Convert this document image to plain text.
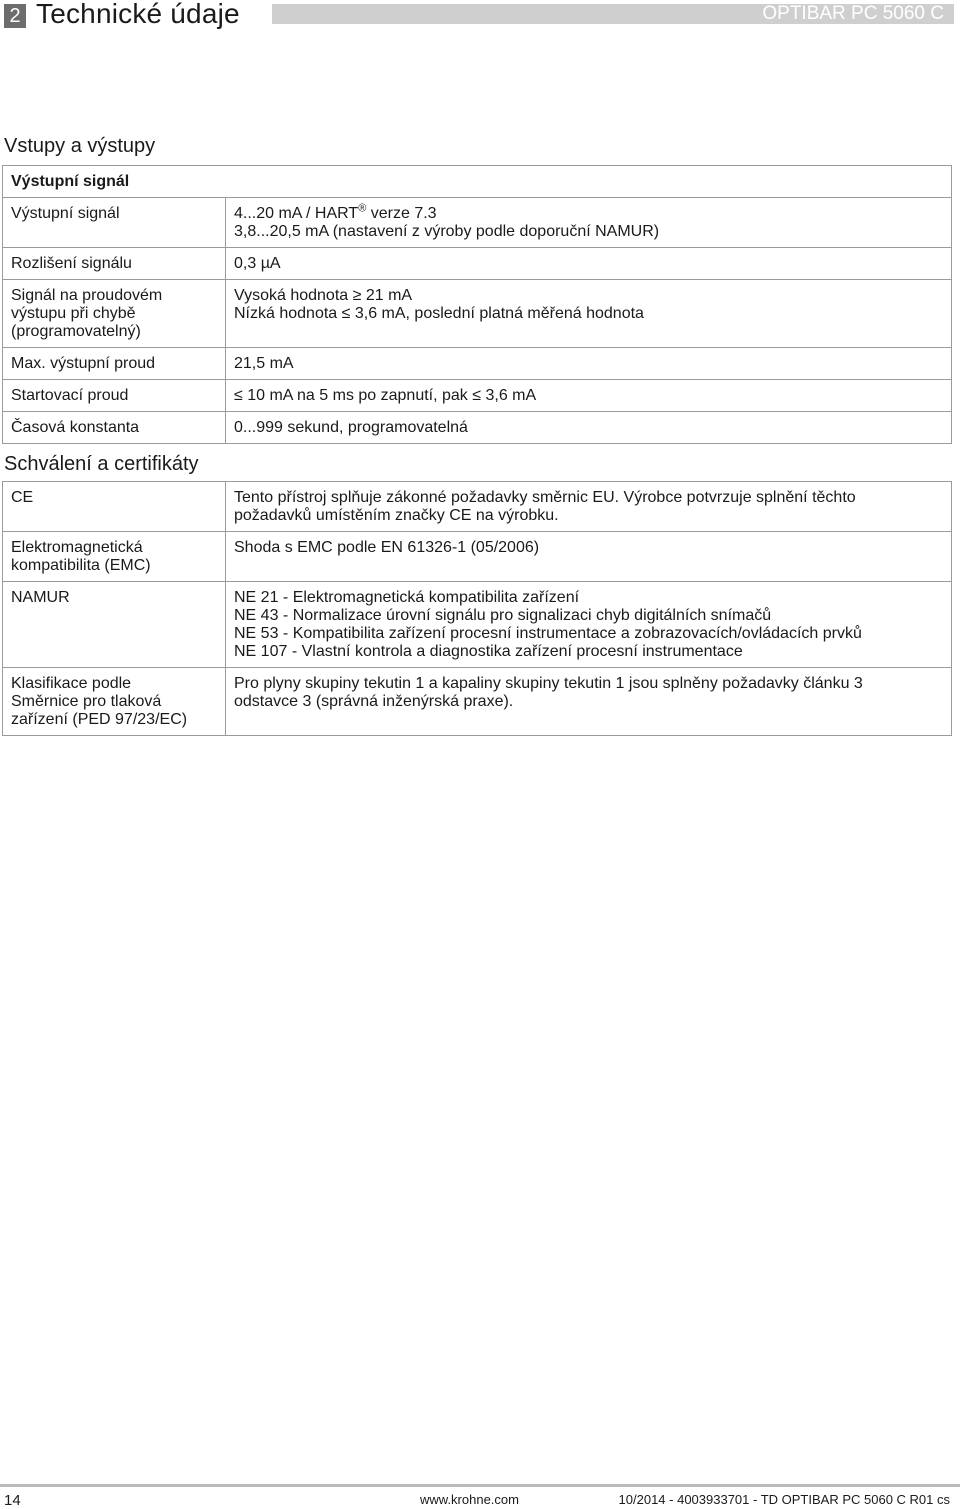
2 Technické údaje	OPTIBAR PC 5060 C
Vstupy a výstupy
Výstupní signál	
Výstupní signál	4...20 mA / HART® verze 7.3
3,8...20,5 mA (nastavení z výroby podle doporuční NAMUR)

Rozlišení signálu	0,3 µA

Signál na proudovém
výstupu při chybě
(programovatelný)	Vysoká hodnota ≥ 21 mA
Nízká hodnota ≤ 3,6 mA, poslední platná měřená hodnota

Max. výstupní proud	21,5 mA
Startovací proud	≤ 10 mA na 5 ms po zapnutí, pak ≤ 3,6 mA
Časová konstanta	0...999 sekund, programovatelná
Schválení a certifikáty
CE	Tento přístroj splňuje zákonné požadavky směrnic EU. Výrobce potvrzuje splnění těchto
požadavků umístěním značky CE na výrobku.

Elektromagnetická
kompatibilita (EMC)	Shoda s EMC podle EN 61326-1 (05/2006)

NAMUR	NE 21 - Elektromagnetická kompatibilita zařízení
NE 43 - Normalizace úrovní signálu pro signalizaci chyb digitálních snímačů
NE 53 - Kompatibilita zařízení procesní instrumentace a zobrazovacích/ovládacích prvků
NE 107 - Vlastní kontrola a diagnostika zařízení procesní instrumentace

Klasifikace podle
Směrnice pro tlaková
zařízení (PED 97/23/EC)	Pro plyny skupiny tekutin 1 a kapaliny skupiny tekutin 1 jsou splněny požadavky článku 3
odstavce 3 (správná inženýrská praxe).
14	www.krohne.com	10/2014 - 4003933701 - TD OPTIBAR PC 5060 C R01 cs
